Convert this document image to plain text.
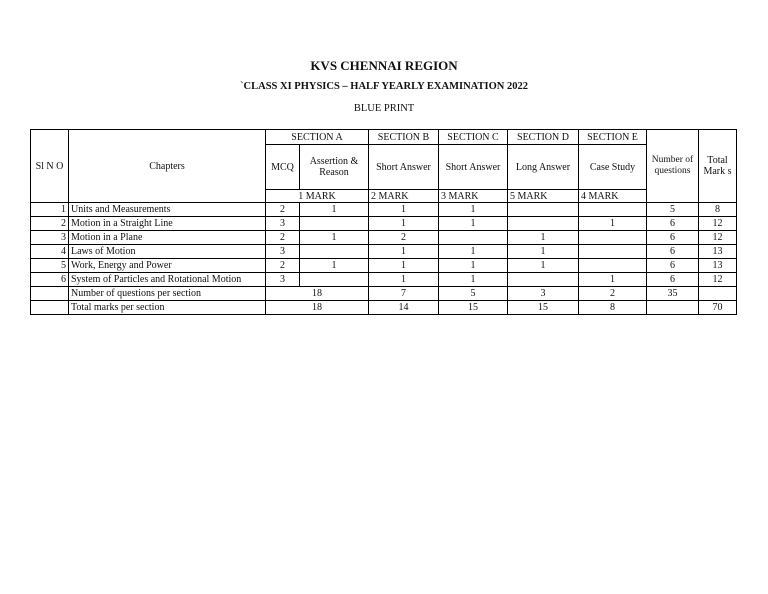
KVS CHENNAI REGION
`CLASS XI PHYSICS – HALF YEARLY EXAMINATION 2022
BLUE PRINT
Sl N O	Chapters	SECTION A		SECTION B	SECTION C	SECTION D	SECTION E	Number of questions	Total Mark s
		MCQ	Assertion & Reason	Short Answer	Short Answer	Long Answer	Case Study		
		1 MARK		2 MARK	3 MARK	5 MARK	4 MARK		
1	Units and Measurements	2	1	1	1			5	8
2	Motion in a Straight Line	3		1	1		1	6	12
3	Motion in a Plane	2	1	2		1		6	12
4	Laws of Motion	3		1	1	1		6	13
5	Work, Energy and Power	2	1	1	1	1		6	13
6	System of Particles and Rotational Motion	3		1	1		1	6	12
	Number of questions per section	18		7	5	3	2	35	
	Total marks per section	18		14	15	15	8		70
